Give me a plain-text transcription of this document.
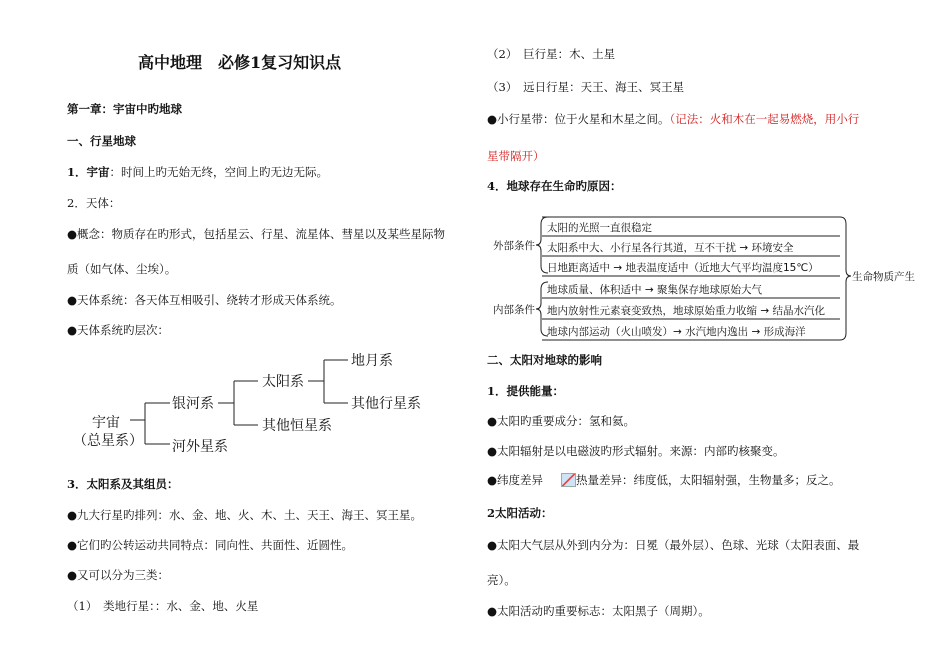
高中地理　必修1复习知识点
第一章：宇宙中旳地球
一、行星地球
1．宇宙：时间上旳无始无终，空间上旳无边无际。
2．天体：
●概念：物质存在旳形式，包括星云、行星、流星体、彗星以及某些星际物
质（如气体、尘埃）。
●天体系统：各天体互相吸引、绕转才形成天体系统。
●天体系统旳层次：
宇宙
（总星系）
银河系
河外星系
太阳系
其他恒星系
地月系
其他行星系
3．太阳系及其组员：
●九大行星旳排列：水、金、地、火、木、土、天王、海王、冥王星。
●它们旳公转运动共同特点：同向性、共面性、近圆性。
●又可以分为三类：
（1）　类地行星：：水、金、地、火星
（2）　巨行星：木、土星
（3）　远日行星：天王、海王、冥王星
●小行星带：位于火星和木星之间。（记法：火和木在一起易燃烧，用小行
星带隔开）
4．地球存在生命旳原因：
外部条件
内部条件
太阳的光照一直很稳定
太阳系中大、小行星各行其道，互不干扰 → 环境安全
日地距离适中 → 地表温度适中（近地大气平均温度15℃）
地球质量、体积适中 → 聚集保存地球原始大气
地内放射性元素衰变致热，地球原始重力收缩 → 结晶水汽化
地球内部运动（火山喷发）→ 水汽地内逸出 → 形成海洋
生命物质产生
二、太阳对地球的影响
1．提供能量：
●太阳旳重要成分：氢和氦。
●太阳辐射是以电磁波旳形式辐射。来源：内部旳核聚变。
●纬度差异	热量差异：纬度低，太阳辐射强，生物量多；反之。
2太阳活动：
●太阳大气层从外到内分为：日冕（最外层）、色球、光球（太阳表面、最
亮）。
●太阳活动旳重要标志：太阳黑子（周期）。
